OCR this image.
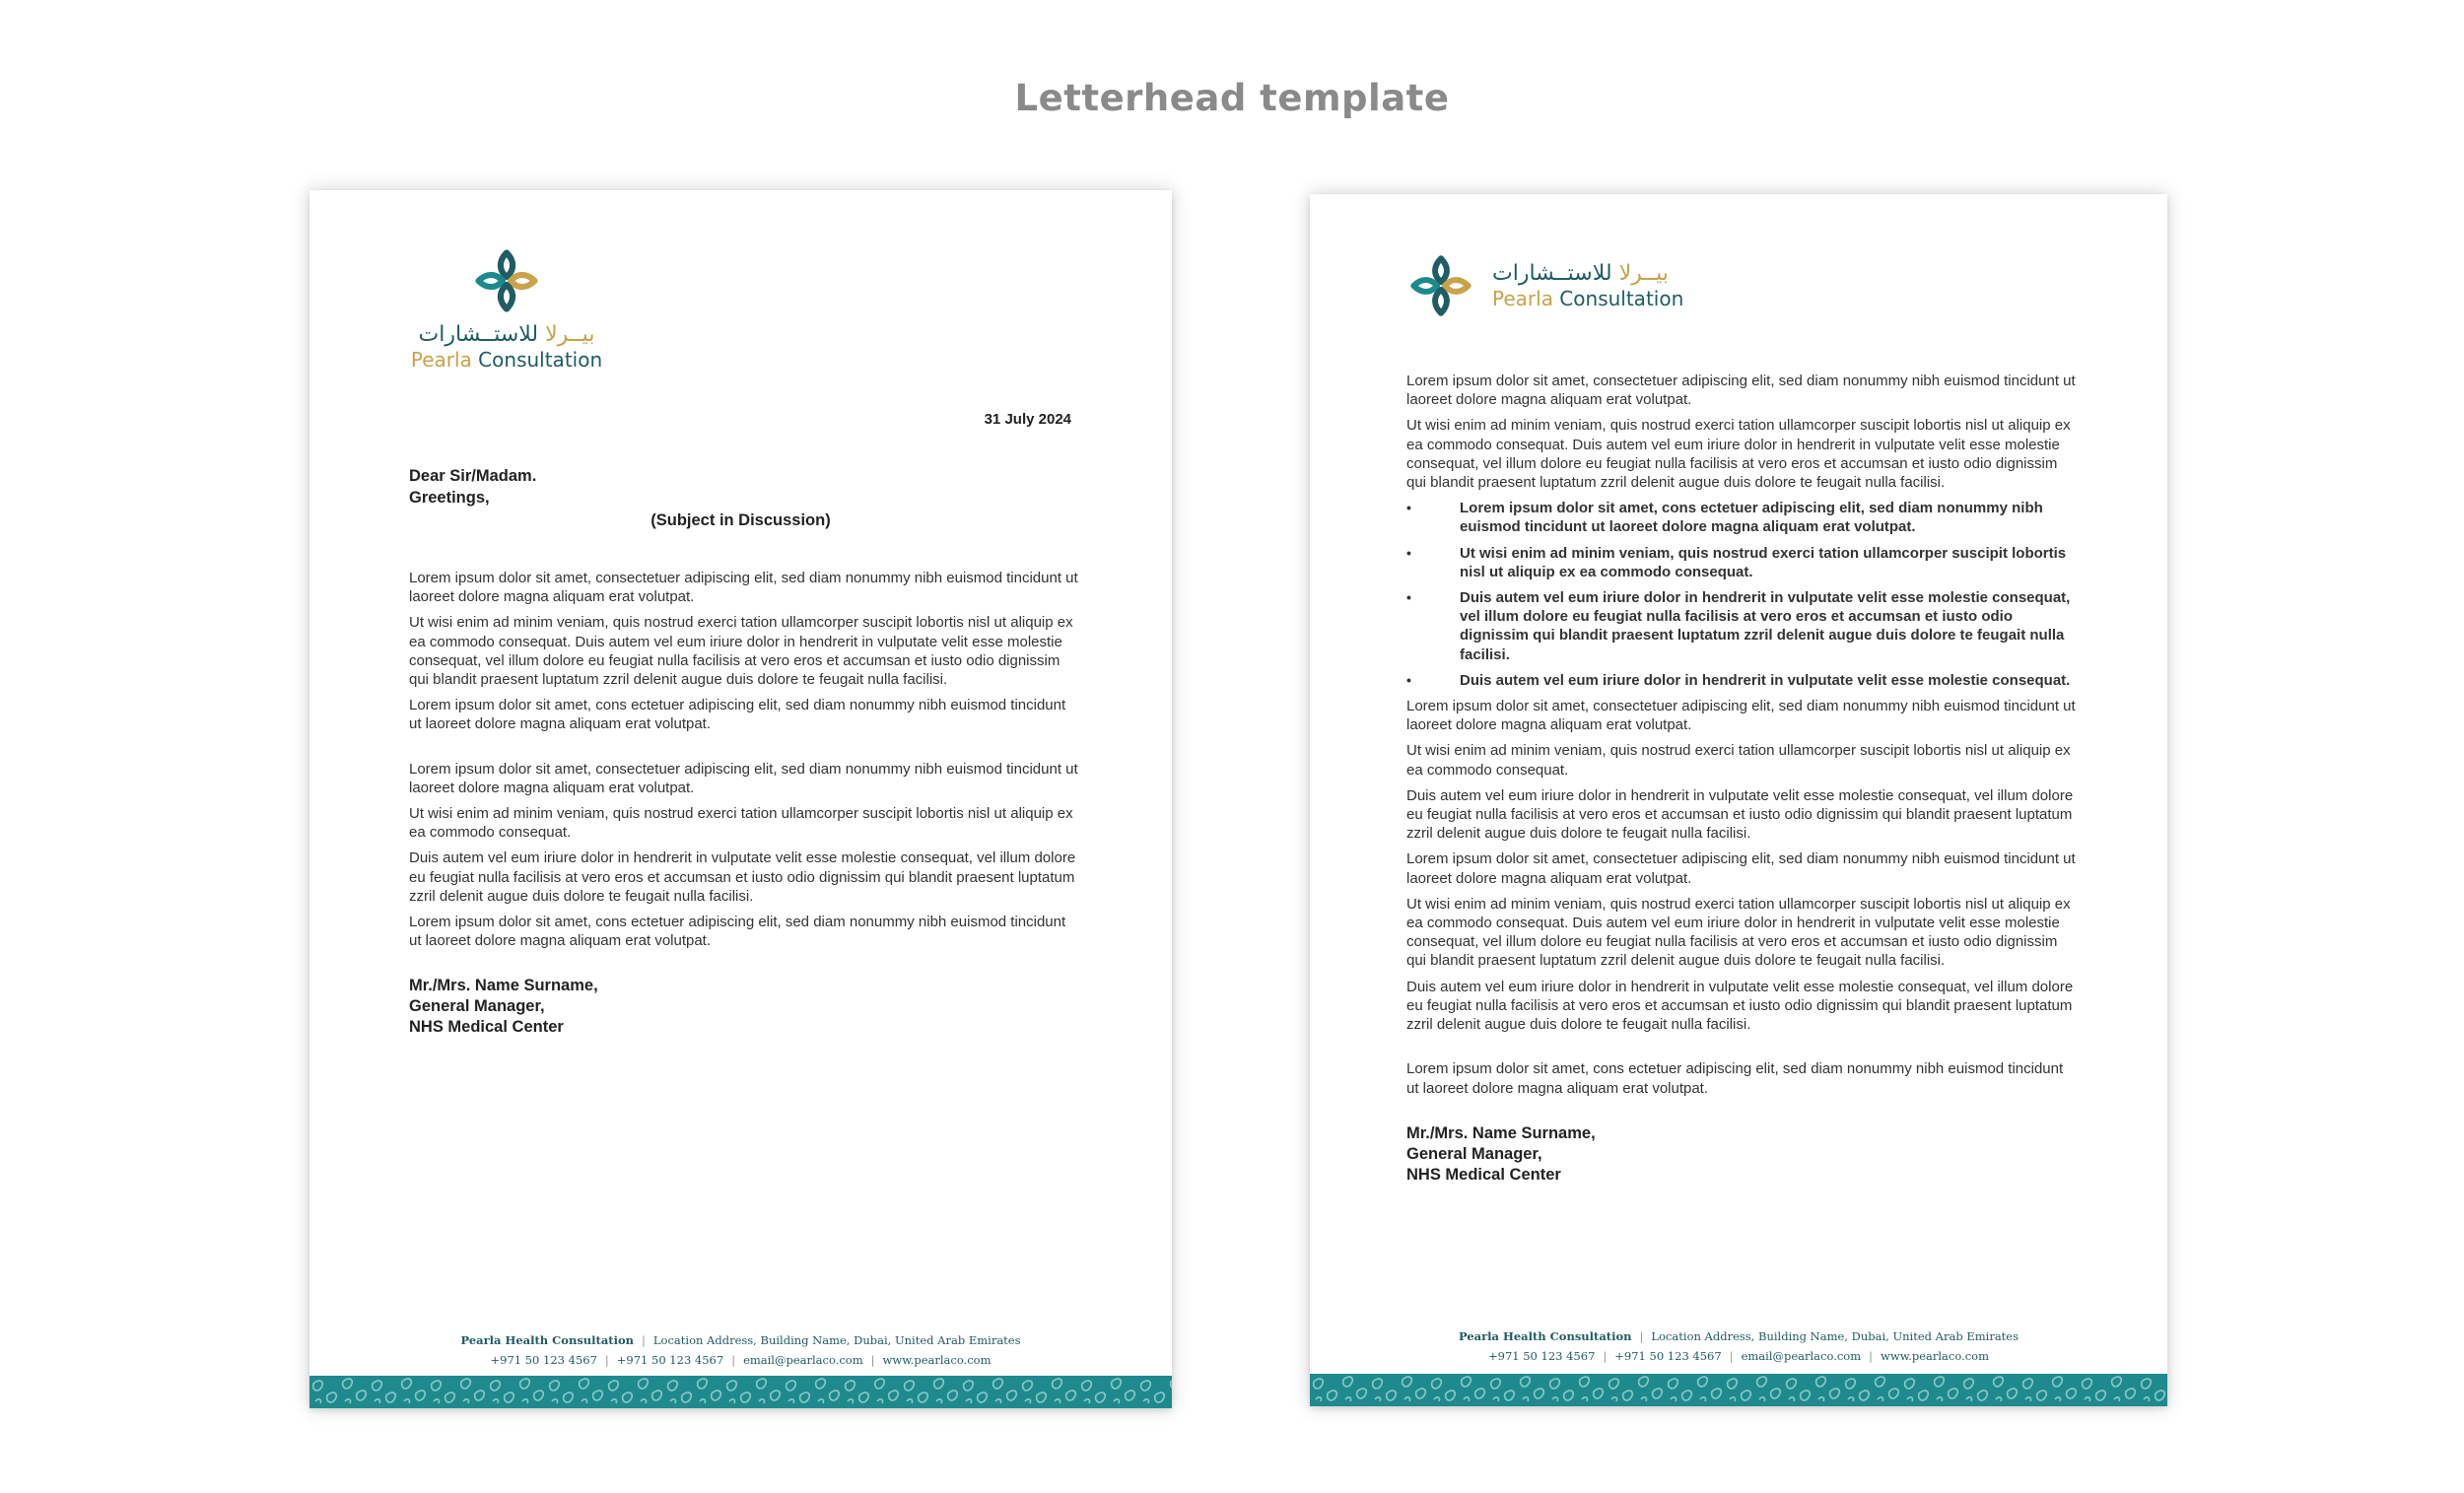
Letterhead template
بيــرلا للاستــشارات
Pearla Consultation
31 July 2024
Dear Sir/Madam.
Greetings,
(Subject in Discussion)

Lorem ipsum dolor sit amet, consectetuer adipiscing elit, sed diam nonummy nibh euismod tincidunt ut laoreet dolore magna aliquam erat volutpat.

Ut wisi enim ad minim veniam, quis nostrud exerci tation ullamcorper suscipit lobortis nisl ut aliquip ex ea commodo consequat. Duis autem vel eum iriure dolor in hendrerit in vulputate velit esse molestie consequat, vel illum dolore eu feugiat nulla facilisis at vero eros et accumsan et iusto odio dignissim qui blandit praesent luptatum zzril delenit augue duis dolore te feugait nulla facilisi.

Lorem ipsum dolor sit amet, cons ectetuer adipiscing elit, sed diam nonummy nibh euismod tincidunt ut laoreet dolore magna aliquam erat volutpat.

Lorem ipsum dolor sit amet, consectetuer adipiscing elit, sed diam nonummy nibh euismod tincidunt ut laoreet dolore magna aliquam erat volutpat.

Ut wisi enim ad minim veniam, quis nostrud exerci tation ullamcorper suscipit lobortis nisl ut aliquip ex ea commodo consequat.

Duis autem vel eum iriure dolor in hendrerit in vulputate velit esse molestie consequat, vel illum dolore eu feugiat nulla facilisis at vero eros et accumsan et iusto odio dignissim qui blandit praesent luptatum zzril delenit augue duis dolore te feugait nulla facilisi.

Lorem ipsum dolor sit amet, cons ectetuer adipiscing elit, sed diam nonummy nibh euismod tincidunt ut laoreet dolore magna aliquam erat volutpat.

Mr./Mrs. Name Surname,
General Manager,
NHS Medical Center
Pearla Health Consultation | Location Address, Building Name, Dubai, United Arab Emirates
+971 50 123 4567 | +971 50 123 4567 | email@pearlaco.com | www.pearlaco.com
بيــرلا للاستــشارات
Pearla Consultation

Lorem ipsum dolor sit amet, consectetuer adipiscing elit, sed diam nonummy nibh euismod tincidunt ut laoreet dolore magna aliquam erat volutpat.

Ut wisi enim ad minim veniam, quis nostrud exerci tation ullamcorper suscipit lobortis nisl ut aliquip ex ea commodo consequat. Duis autem vel eum iriure dolor in hendrerit in vulputate velit esse molestie consequat, vel illum dolore eu feugiat nulla facilisis at vero eros et accumsan et iusto odio dignissim qui blandit praesent luptatum zzril delenit augue duis dolore te feugait nulla facilisi.

• Lorem ipsum dolor sit amet, cons ectetuer adipiscing elit, sed diam nonummy nibh euismod tincidunt ut laoreet dolore magna aliquam erat volutpat.
• Ut wisi enim ad minim veniam, quis nostrud exerci tation ullamcorper suscipit lobortis nisl ut aliquip ex ea commodo consequat.
• Duis autem vel eum iriure dolor in hendrerit in vulputate velit esse molestie consequat, vel illum dolore eu feugiat nulla facilisis at vero eros et accumsan et iusto odio dignissim qui blandit praesent luptatum zzril delenit augue duis dolore te feugait nulla facilisi.
• Duis autem vel eum iriure dolor in hendrerit in vulputate velit esse molestie consequat.

Lorem ipsum dolor sit amet, consectetuer adipiscing elit, sed diam nonummy nibh euismod tincidunt ut laoreet dolore magna aliquam erat volutpat.

Ut wisi enim ad minim veniam, quis nostrud exerci tation ullamcorper suscipit lobortis nisl ut aliquip ex ea commodo consequat.

Duis autem vel eum iriure dolor in hendrerit in vulputate velit esse molestie consequat, vel illum dolore eu feugiat nulla facilisis at vero eros et accumsan et iusto odio dignissim qui blandit praesent luptatum zzril delenit augue duis dolore te feugait nulla facilisi.

Lorem ipsum dolor sit amet, consectetuer adipiscing elit, sed diam nonummy nibh euismod tincidunt ut laoreet dolore magna aliquam erat volutpat.

Ut wisi enim ad minim veniam, quis nostrud exerci tation ullamcorper suscipit lobortis nisl ut aliquip ex ea commodo consequat. Duis autem vel eum iriure dolor in hendrerit in vulputate velit esse molestie consequat, vel illum dolore eu feugiat nulla facilisis at vero eros et accumsan et iusto odio dignissim qui blandit praesent luptatum zzril delenit augue duis dolore te feugait nulla facilisi.

Duis autem vel eum iriure dolor in hendrerit in vulputate velit esse molestie consequat, vel illum dolore eu feugiat nulla facilisis at vero eros et accumsan et iusto odio dignissim qui blandit praesent luptatum zzril delenit augue duis dolore te feugait nulla facilisi.

Lorem ipsum dolor sit amet, cons ectetuer adipiscing elit, sed diam nonummy nibh euismod tincidunt ut laoreet dolore magna aliquam erat volutpat.

Mr./Mrs. Name Surname,
General Manager,
NHS Medical Center
Pearla Health Consultation | Location Address, Building Name, Dubai, United Arab Emirates
+971 50 123 4567 | +971 50 123 4567 | email@pearlaco.com | www.pearlaco.com
